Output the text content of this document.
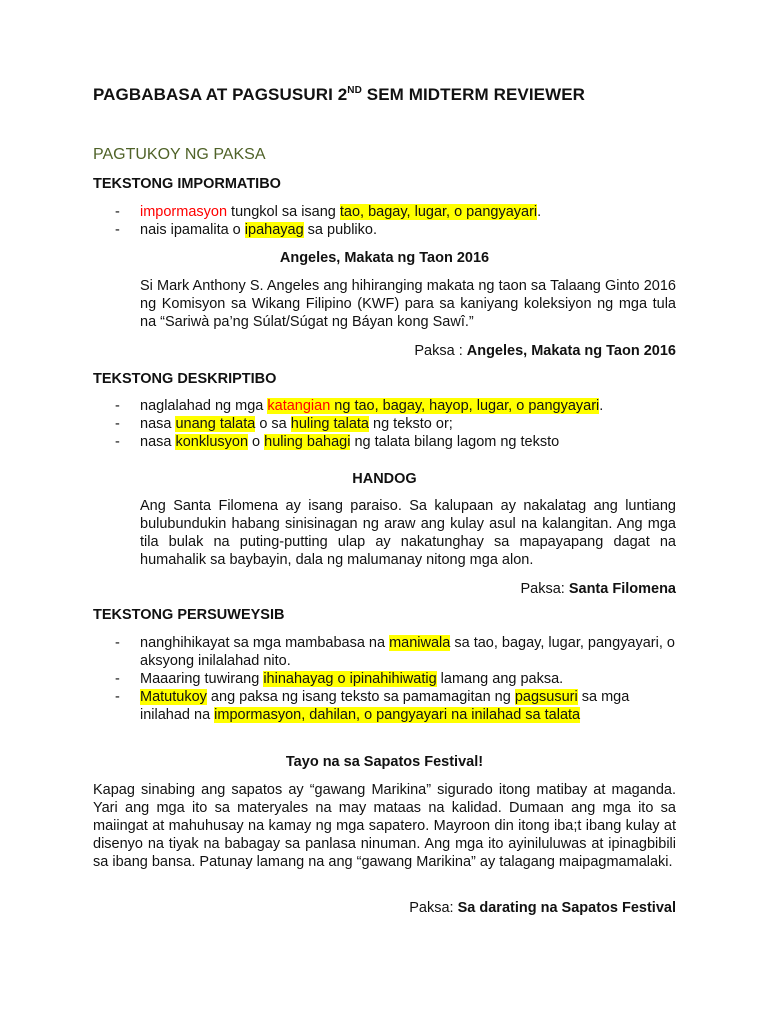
PAGBABASA AT PAGSUSURI 2ND SEM MIDTERM REVIEWER
PAGTUKOY NG PAKSA
TEKSTONG IMPORMATIBO
- impormasyon tungkol sa isang tao, bagay, lugar, o pangyayari.
- nais ipamalita o ipahayag sa publiko.

Angeles, Makata ng Taon 2016

Si Mark Anthony S. Angeles ang hihiranging makata ng taon sa Talaang Ginto 2016 ng Komisyon sa Wikang Filipino (KWF) para sa kaniyang koleksiyon ng mga tula na “Sariwà pa’ng Súlat/Súgat ng Báyan kong Sawî.”

Paksa : Angeles, Makata ng Taon 2016

TEKSTONG DESKRIPTIBO
- naglalahad ng mga katangian ng tao, bagay, hayop, lugar, o pangyayari.
- nasa unang talata o sa huling talata ng teksto or;
- nasa konklusyon o huling bahagi ng talata bilang lagom ng teksto

HANDOG

Ang Santa Filomena ay isang paraiso. Sa kalupaan ay nakalatag ang luntiang bulubundukin habang sinisinagan ng araw ang kulay asul na kalangitan. Ang mga tila bulak na puting-putting ulap ay nakatunghay sa mapayapang dagat na humahalik sa baybayin, dala ng malumanay nitong mga alon.

Paksa: Santa Filomena

TEKSTONG PERSUWEYSIB
- nanghihikayat sa mga mambabasa na maniwala sa tao, bagay, lugar, pangyayari, o aksyong inilalahad nito.
- Maaaring tuwirang ihinahayag o ipinahihiwatig lamang ang paksa.
- Matutukoy ang paksa ng isang teksto sa pamamagitan ng pagsusuri sa mga inilahad na impormasyon, dahilan, o pangyayari na inilahad sa talata

Tayo na sa Sapatos Festival!

Kapag sinabing ang sapatos ay “gawang Marikina” sigurado itong matibay at maganda. Yari ang mga ito sa materyales na may mataas na kalidad. Dumaan ang mga ito sa maiingat at mahuhusay na kamay ng mga sapatero. Mayroon din itong iba;t ibang kulay at disenyo na tiyak na babagay sa panlasa ninuman. Ang mga ito ayiniluluwas at ipinagbibili sa ibang bansa. Patunay lamang na ang “gawang Marikina” ay talagang maipagmamalaki.

Paksa: Sa darating na Sapatos Festival
